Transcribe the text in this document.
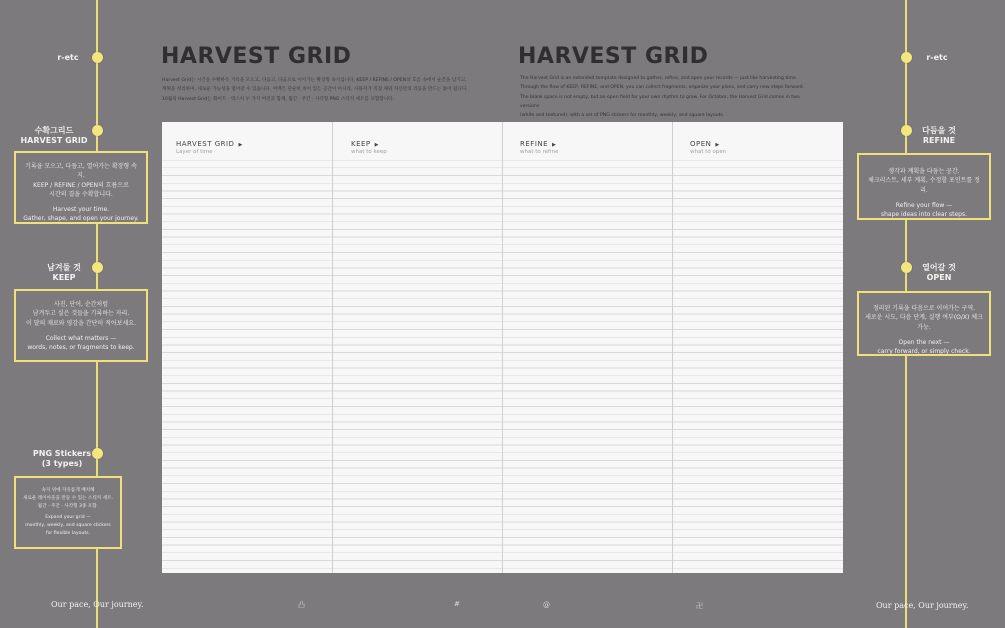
r-etc
수확그리드
HARVEST GRID
남겨둘 것
KEEP
PNG Stickers
(3 types)
기록을 모으고, 다듬고, 열어가는 확장형 속지.
KEEP / REFINE / OPEN의 흐름으로
시간의 결을 수확합니다.
Harvest your time.
Gather, shape, and open your journey.
사진, 단어, 순간처럼
남겨두고 싶은 것들을 기록하는 자리.
이 달의 재료와 영감을 간단히 적어보세요.
Collect what matters —
words, notes, or fragments to keep.
속지 위에 자유롭게 배치해
새로운 레이아웃을 만들 수 있는 스티커 세트.
월간 · 주간 · 사각형 3종 포함.
Expand your grid —
monthly, weekly, and square stickers
for flexible layouts.
r-etc
다듬을 것
REFINE
열어갈 것
OPEN
생각과 계획을 다듬는 공간.
체크리스트, 세부 계획, 수정할 포인트를 정리.
Refine your flow —
shape ideas into clear steps.
정리된 기록을 다음으로 이어가는 구역.
새로운 시도, 다음 단계, 실행 여부(O/X) 체크 가능.
Open the next —
carry forward, or simply check.
HARVEST GRID	HARVEST GRID
Harvest Grid는 시간을 수확하듯 기록을 모으고, 다듬고, 다음으로 이어가는 확장형 속지입니다. KEEP / REFINE / OPEN의 흐름 속에서 순간을 남기고,
계획을 정리하며, 새로운 가능성을 열어갈 수 있습니다. 여백은 단순히 비어 있는 공간이 아니라, 사용자가 직접 채워 자신만의 리듬을 만드는 틀이 됩니다.
10월의 Harvest Grid는 화이트 · 텍스처 두 가지 버전과 함께, 월간 · 주간 · 사각형 PNG 스티커 세트를 포함합니다.
The Harvest Grid is an extended template designed to gather, refine, and open your records — just like harvesting time.
Through the flow of KEEP, REFINE, and OPEN, you can collect fragments, organize your plans, and carry new steps forward.
The blank space is not empty, but an open field for your own rhythm to grow. For October, the Harvest Grid comes in two versions
(white and textured), with a set of PNG stickers for monthly, weekly, and square layouts.
HARVEST GRID ▶
Layer of time
KEEP ▶
what to keep
REFINE ▶
what to refine
OPEN ▶
what to open
Our pace, Our journey.	Our pace, Our journey.
凸	#	@	卍
